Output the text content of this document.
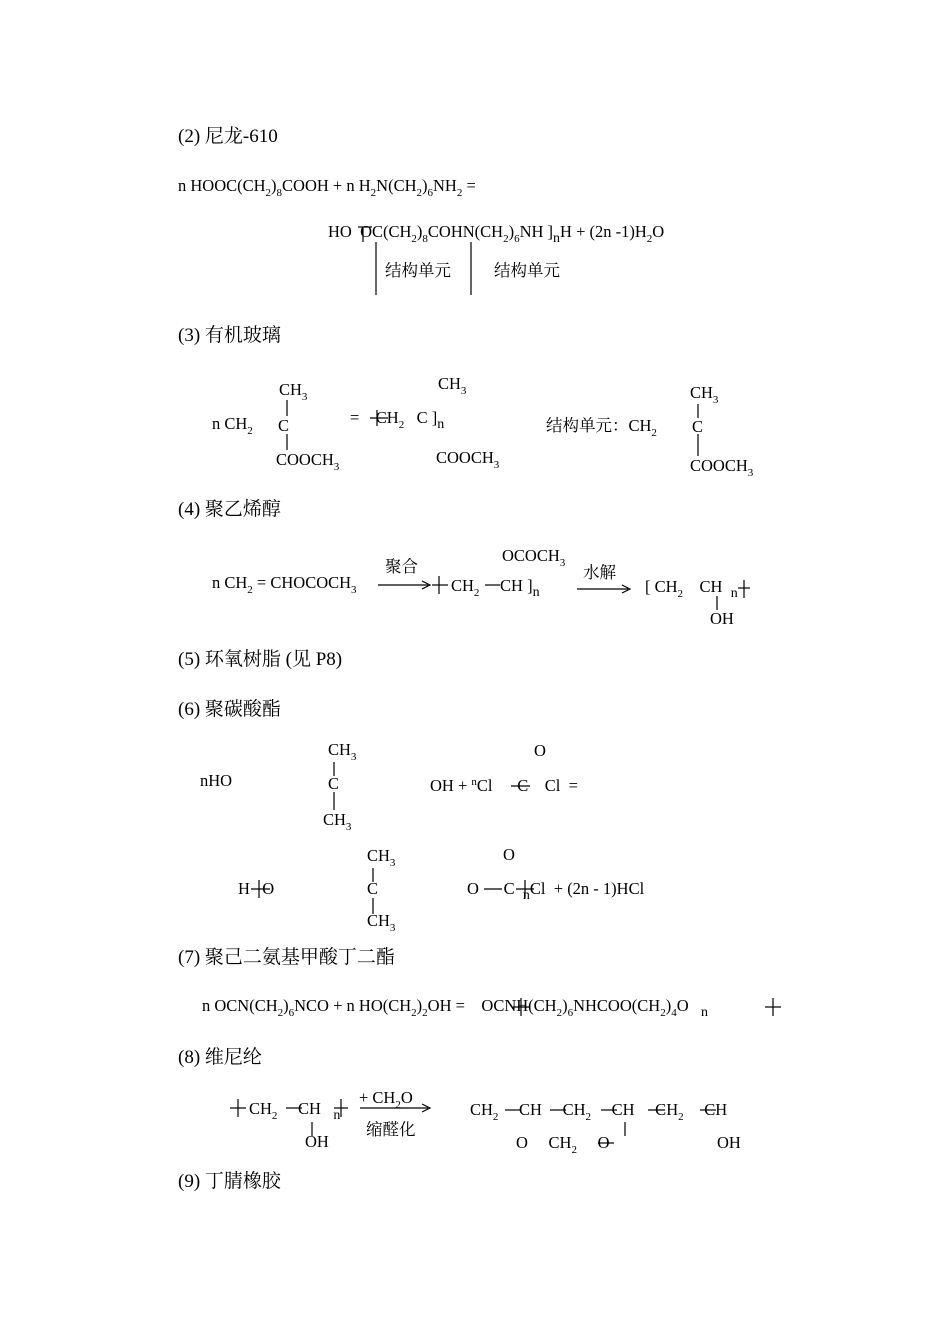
(2) 尼龙-610
n $HOOC(CH_2)_8COOH + n$ $H_2N(CH_2)_6NH_2$ =
HO  $OC(CH_2)_8COHN(CH_2)_6NH$ ]$_nH + (2n$ $-1)H_2O$
结构单元	结构单元
(3) 有机玻璃
$CH_3$
n $CH_2$ C
$COOCH_3$
=    $CH_2$   C ]$_n$
$CH_3$
$COOCH_3$
结构单元：$CH_2$
$CH_3$
C
$COOCH_3$
(4) 聚乙烯醇
$OCOCH_3$
聚合
n $CH_2$ = $CHOCOCH_3$	$CH_2$     CH ]$_n$
水解
[ $CH_2$    CH  $_n$
OH
(5) 环氧树脂 (见 P8)
(6) 聚碳酸酯
$CH_3$	O
nHO	C	OH + $^n$Cl      C    Cl  =
$CH_3$
$CH_3$	O
H   O	C	O      C  $_n$Cl  + (2n - 1)HCl
$CH_3$
(7) 聚己二氨基甲酸丁二酯
n $OCN(CH_2)_6NCO + n$ $HO(CH_2)_2OH$ =    $OCNH(CH_2)_6NHCOO(CH_2)_4O$   $_n$
(8) 维尼纶
+ $CH_2O$
$CH_2$     CH   $_n$	$CH_2$     CH     $CH_2$     CH     $CH_2$     CH
缩醛化
OH	O     $CH_2$     O	OH
(9) 丁腈橡胶
